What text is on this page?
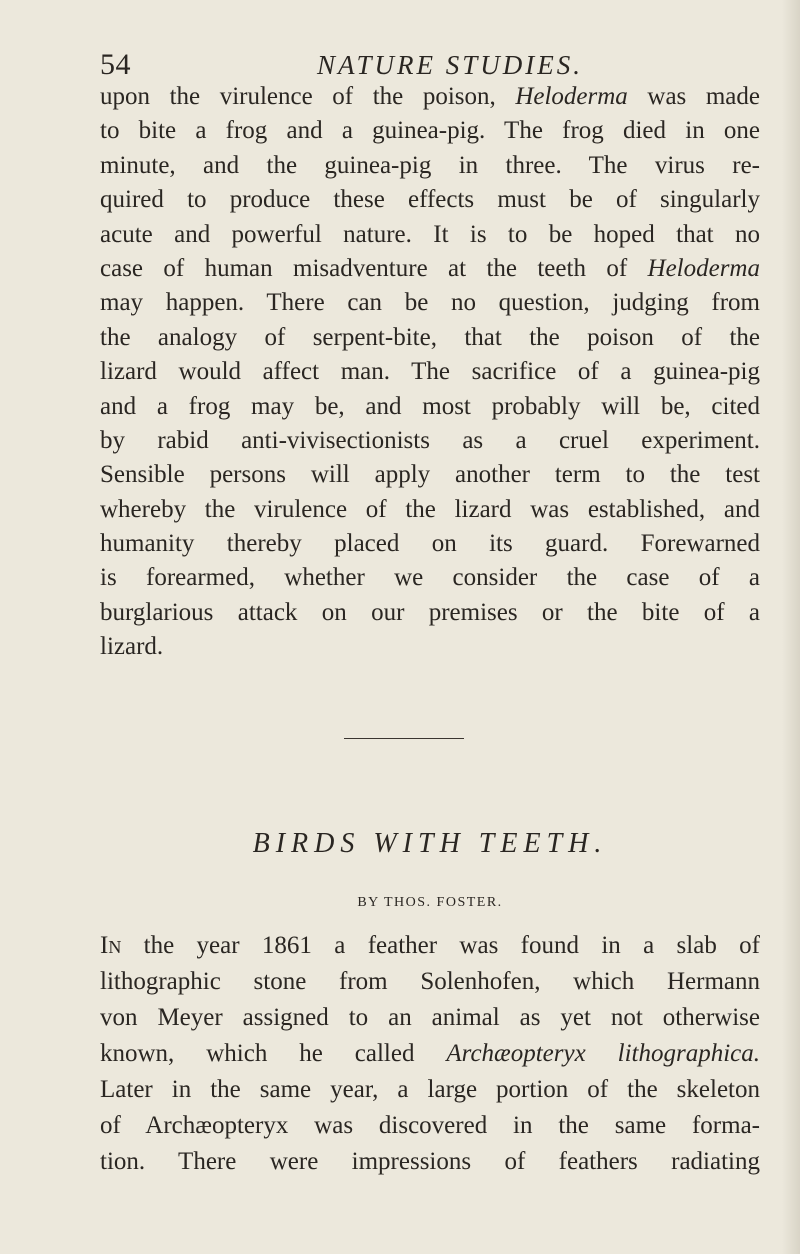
54	NATURE STUDIES.
upon the virulence of the poison, Heloderma was made
to bite a frog and a guinea-pig. The frog died in one
minute, and the guinea-pig in three. The virus re-
quired to produce these effects must be of singularly
acute and powerful nature. It is to be hoped that no
case of human misadventure at the teeth of Heloderma
may happen. There can be no question, judging from
the analogy of serpent-bite, that the poison of the
lizard would affect man. The sacrifice of a guinea-pig
and a frog may be, and most probably will be, cited
by rabid anti-vivisectionists as a cruel experiment.
Sensible persons will apply another term to the test
whereby the virulence of the lizard was established, and
humanity thereby placed on its guard. Forewarned
is forearmed, whether we consider the case of a
burglarious attack on our premises or the bite of a
lizard.
BIRDS WITH TEETH.
BY THOS. FOSTER.
In the year 1861 a feather was found in a slab of
lithographic stone from Solenhofen, which Hermann
von Meyer assigned to an animal as yet not otherwise
known, which he called Archæopteryx lithographica.
Later in the same year, a large portion of the skeleton
of Archæopteryx was discovered in the same forma-
tion. There were impressions of feathers radiating
